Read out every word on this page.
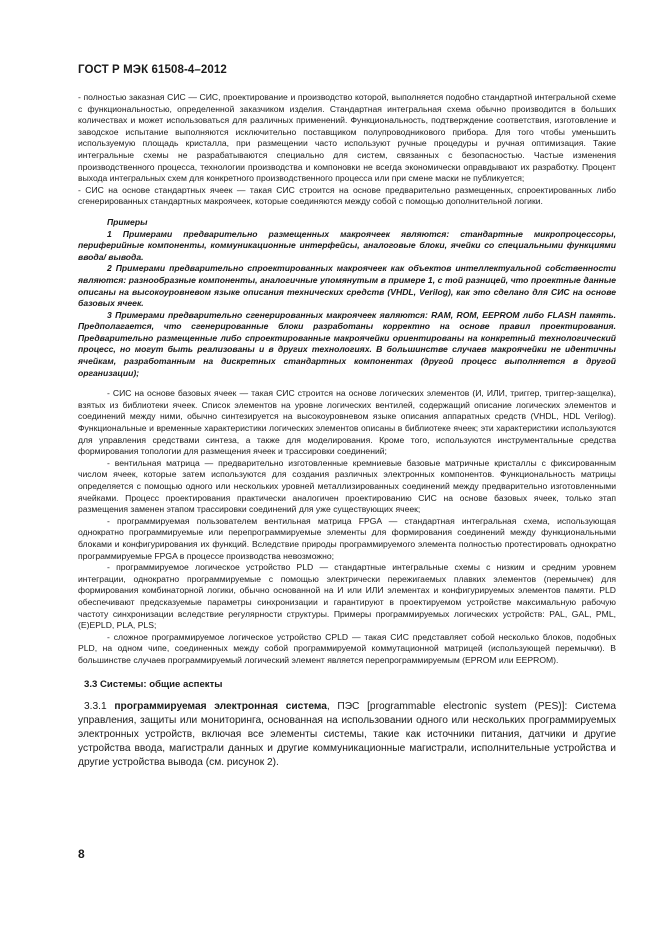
ГОСТ Р МЭК 61508-4–2012

- полностью заказная СИС — СИС, проектирование и производство которой, выполняется подобно стандартной интегральной схеме с функциональностью, определенной заказчиком изделия. Стандартная интегральная схема обычно производится в больших количествах и может использоваться для различных применений. Функциональность, подтверждение соответствия, изготовление и заводское испытание выполняются исключительно поставщиком полупроводникового прибора. Для того чтобы уменьшить используемую площадь кристалла, при размещении часто используют ручные процедуры и ручная оптимизация. Такие интегральные схемы не разрабатываются специально для систем, связанных с безопасностью. Частые изменения производственного процесса, технологии производства и компоновки не всегда экономически оправдывают их разработку. Процент выхода интегральных схем для конкретного производственного процесса или при смене маски не публикуется;

- СИС на основе стандартных ячеек — такая СИС строится на основе предварительно размещенных, спроектированных либо сгенерированных стандартных макроячеек, которые соединяются между собой с помощью дополнительной логики.

Примеры

1 Примерами предварительно размещенных макроячеек являются: стандартные микропроцессоры, периферийные компоненты, коммуникационные интерфейсы, аналоговые блоки, ячейки со специальными функциями ввода/ вывода.

2 Примерами предварительно спроектированных макроячеек как объектов интеллектуальной собственности являются: разнообразные компоненты, аналогичные упомянутым в примере 1, с той разницей, что проектные данные описаны на высокоуровневом языке описания технических средств (VHDL, Verilog), как это сделано для СИС на основе базовых ячеек.

3 Примерами предварительно сгенерированных макроячеек являются: RAM, ROM, EEPROM либо FLASH память. Предполагается, что сгенерированные блоки разработаны корректно на основе правил проектирования. Предварительно размещенные либо спроектированные макроячейки ориентированы на конкретный технологический процесс, но могут быть реализованы и в других технологиях. В большинстве случаев макроячейки не идентичны ячейкам, разработанным на дискретных стандартных компонентах (другой процесс выполняется в другой организации);

- СИС на основе базовых ячеек — такая СИС строится на основе логических элементов (И, ИЛИ, триггер, триггер-защелка), взятых из библиотеки ячеек. Список элементов на уровне логических вентилей, содержащий описание логических элементов и соединений между ними, обычно синтезируется на высокоуровневом языке описания аппаратных средств (VHDL, HDL Verilog). Функциональные и временные характеристики логических элементов описаны в библиотеке ячеек; эти характеристики используются для управления средствами синтеза, а также для моделирования. Кроме того, используются инструментальные средства формирования топологии для размещения ячеек и трассировки соединений;

- вентильная матрица — предварительно изготовленные кремниевые базовые матричные кристаллы с фиксированным числом ячеек, которые затем используются для создания различных электронных компонентов. Функциональность матрицы определяется с помощью одного или нескольких уровней металлизированных соединений между предварительно изготовленными ячейками. Процесс проектирования практически аналогичен проектированию СИС на основе базовых ячеек, только этап размещения заменен этапом трассировки соединений для уже существующих ячеек;

- программируемая пользователем вентильная матрица FPGA — стандартная интегральная схема, использующая однократно программируемые или перепрограммируемые элементы для формирования соединений между функциональными блоками и конфигурирования их функций. Вследствие природы программируемого элемента полностью протестировать однократно программируемые FPGA в процессе производства невозможно;

- программируемое логическое устройство PLD — стандартные интегральные схемы с низким и средним уровнем интеграции, однократно программируемые с помощью электрически пережигаемых плавких элементов (перемычек) для формирования комбинаторной логики, обычно основанной на И или ИЛИ элементах и конфигурируемых элементов памяти. PLD обеспечивают предсказуемые параметры синхронизации и гарантируют в проектируемом устройстве максимальную рабочую частоту синхронизации вследствие регулярности структуры. Примеры программируемых логических устройств: PAL, GAL, PML, (E)EPLD, PLA, PLS;

- сложное программируемое логическое устройство CPLD — такая СИС представляет собой несколько блоков, подобных PLD, на одном чипе, соединенных между собой программируемой коммутационной матрицей (использующей перемычки). В большинстве случаев программируемый логический элемент является перепрограммируемым (EPROM или EEPROM).

3.3 Системы: общие аспекты

3.3.1 программируемая электронная система, ПЭС [programmable electronic system (PES)]: Система управления, защиты или мониторинга, основанная на использовании одного или нескольких программируемых электронных устройств, включая все элементы системы, такие как источники питания, датчики и другие устройства ввода, магистрали данных и другие коммуникационные магистрали, исполнительные устройства и другие устройства вывода (см. рисунок 2).

8
